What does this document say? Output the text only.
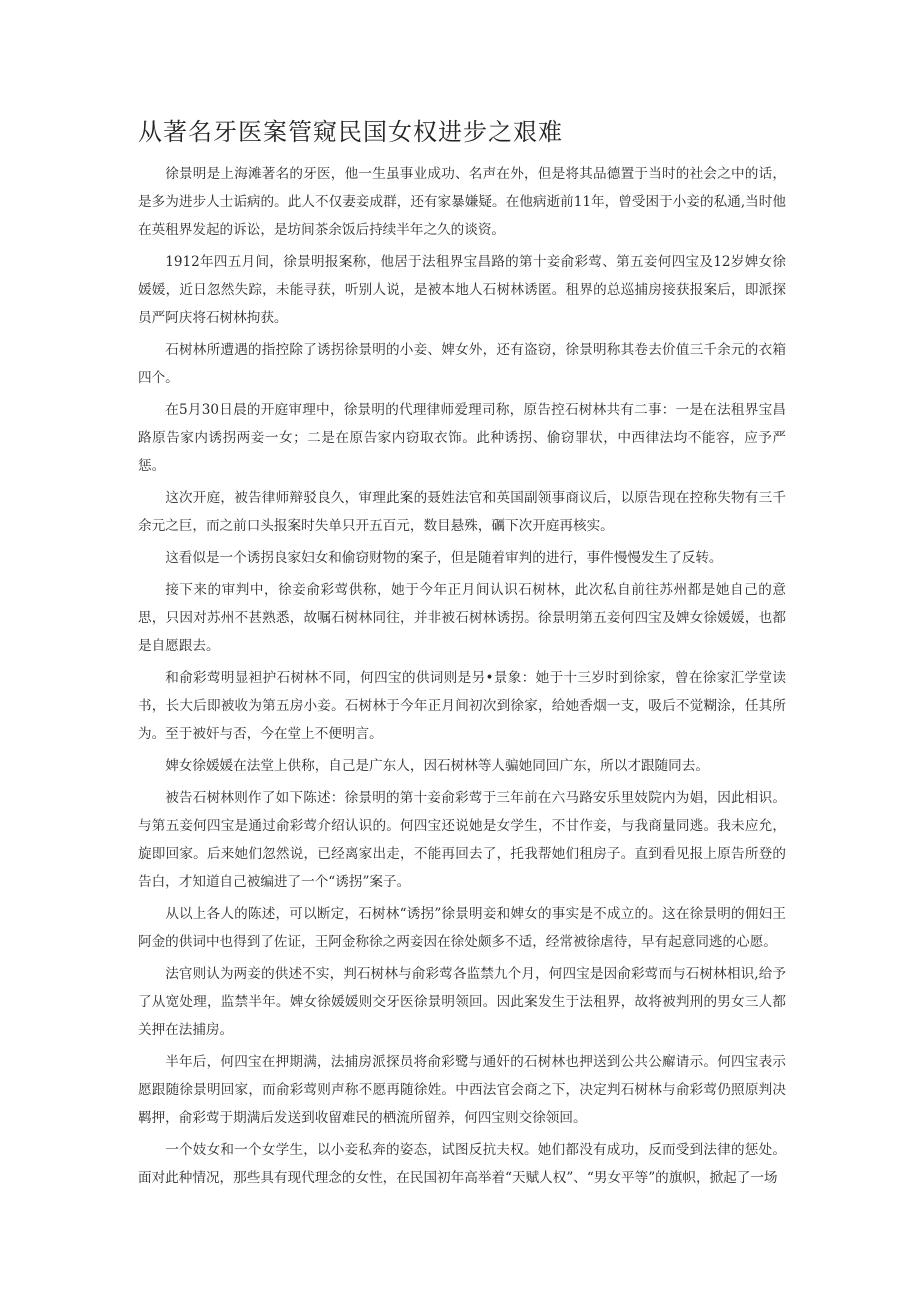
从著名牙医案管窥民国女权进步之艰难

徐景明是上海滩著名的牙医，他一生虽事业成功、名声在外，但是将其品德置于当时的社会之中的话，是多为进步人士诟病的。此人不仅妻妾成群，还有家暴嫌疑。在他病逝前11年，曾受困于小妾的私通,当时他在英租界发起的诉讼，是坊间茶余饭后持续半年之久的谈资。

1912年四五月间，徐景明报案称，他居于法租界宝昌路的第十妾俞彩莺、第五妾何四宝及12岁婢女徐媛媛，近日忽然失踪，未能寻获，听别人说，是被本地人石树林诱匿。租界的总巡捕房接获报案后，即派探员严阿庆将石树林拘获。

石树林所遭遇的指控除了诱拐徐景明的小妾、婢女外，还有盗窃，徐景明称其卷去价值三千余元的衣箱四个。

在5月30日晨的开庭审理中，徐景明的代理律师爱理司称，原告控石树林共有二事：一是在法租界宝昌路原告家内诱拐两妾一女；二是在原告家内窃取衣饰。此种诱拐、偷窃罪状，中西律法均不能容，应予严惩。

这次开庭，被告律师辩驳良久，审理此案的聂姓法官和英国副领事商议后，以原告现在控称失物有三千余元之巨，而之前口头报案时失单只开五百元，数目悬殊，礪下次开庭再核实。

这看似是一个诱拐良家妇女和偷窃财物的案子，但是随着审判的进行，事件慢慢发生了反转。

接下来的审判中，徐妾俞彩莺供称，她于今年正月间认识石树林，此次私自前往苏州都是她自己的意思，只因对苏州不甚熟悉，故嘱石树林同往，并非被石树林诱拐。徐景明第五妾何四宝及婢女徐媛媛，也都是自愿跟去。

和俞彩莺明显袒护石树林不同，何四宝的供词则是另•景象：她于十三岁时到徐家，曾在徐家汇学堂读书，长大后即被收为第五房小妾。石树林于今年正月间初次到徐家，给她香烟一支，吸后不觉糊涂，任其所为。至于被奸与否，今在堂上不便明言。

婢女徐媛媛在法堂上供称，自己是广东人，因石树林等人骗她同回广东，所以才跟随同去。

被告石树林则作了如下陈述：徐景明的第十妾俞彩莺于三年前在六马路安乐里妓院内为娼，因此相识。与第五妾何四宝是通过俞彩莺介绍认识的。何四宝还说她是女学生，不甘作妾，与我商量同逃。我未应允，旋即回家。后来她们忽然说，已经离家出走，不能再回去了，托我帮她们租房子。直到看见报上原告所登的告白，才知道自己被编进了一个“诱拐”案子。

从以上各人的陈述，可以断定，石树林“诱拐”徐景明妾和婢女的事实是不成立的。这在徐景明的佣妇王阿金的供词中也得到了佐证，王阿金称徐之两妾因在徐处颇多不适，经常被徐虐待，早有起意同逃的心愿。

法官则认为两妾的供述不实，判石树林与俞彩莺各监禁九个月，何四宝是因俞彩莺而与石树林相识,给予了从宽处理，监禁半年。婢女徐媛媛则交牙医徐景明领回。因此案发生于法租界，故将被判刑的男女三人都关押在法捕房。

半年后，何四宝在押期满，法捕房派探员将俞彩鹭与通奸的石树林也押送到公共公廨请示。何四宝表示愿跟随徐景明回家，而俞彩莺则声称不愿再随徐姓。中西法官会商之下，决定判石树林与俞彩莺仍照原判决羁押，俞彩莺于期满后发送到收留难民的栖流所留养，何四宝则交徐领回。

一个妓女和一个女学生，以小妾私奔的姿态，试图反抗夫权。她们都没有成功，反而受到法律的惩处。面对此种情况，那些具有现代理念的女性，在民国初年高举着“天赋人权”、“男女平等”的旗帜，掀起了一场
